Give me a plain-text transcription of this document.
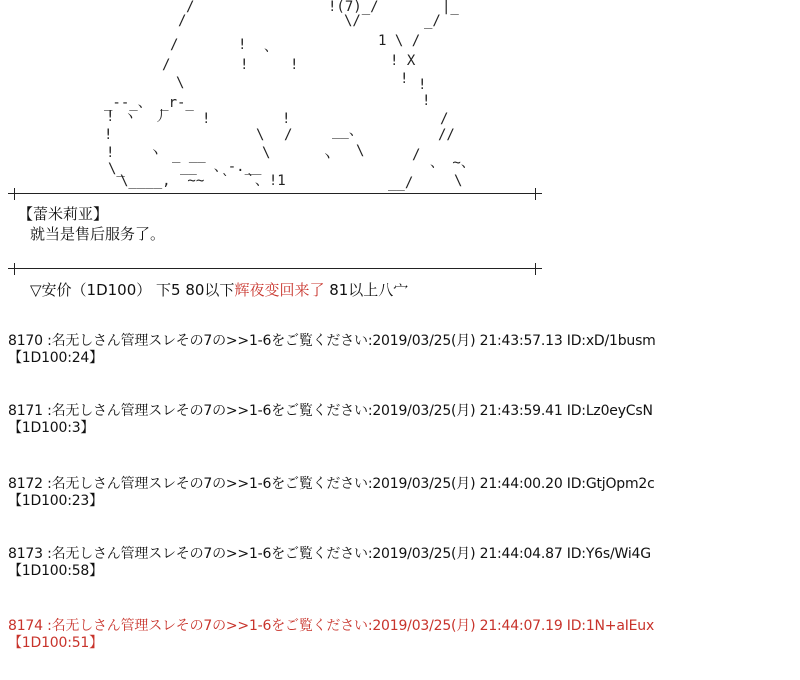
/	!(7)_/	|_
/	\/	_/
/	! 、	1 \ /
/	!	!	! X
\	! !
_--_、 _r-_	!
! ヽ  丿 !	!	/
!	\ /	__、	//
! ヽ _ __	\	ヽ \	/
\_	__  、-.__	、 ~、
\____,  ~~  `  `、!1	__/	\
【蕾米莉亚】
就当是售后服务了。
▽安价（1D100） 下5 80以下辉夜变回来了 81以上八宀
8170 :名无しさん管理スレその7の>>1-6をご覧ください:2019/03/25(月) 21:43:57.13 ID:xD/1busm
【1D100:24】
8171 :名无しさん管理スレその7の>>1-6をご覧ください:2019/03/25(月) 21:43:59.41 ID:Lz0eyCsN
【1D100:3】
8172 :名无しさん管理スレその7の>>1-6をご覧ください:2019/03/25(月) 21:44:00.20 ID:GtjOpm2c
【1D100:23】
8173 :名无しさん管理スレその7の>>1-6をご覧ください:2019/03/25(月) 21:44:04.87 ID:Y6s/Wi4G
【1D100:58】
8174 :名无しさん管理スレその7の>>1-6をご覧ください:2019/03/25(月) 21:44:07.19 ID:1N+aIEux
【1D100:51】
